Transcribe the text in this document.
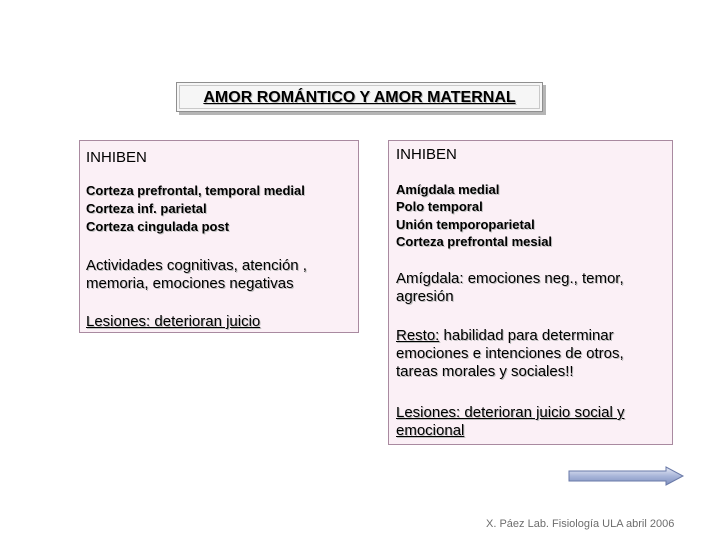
AMOR ROMÁNTICO Y AMOR MATERNAL
INHIBEN
Corteza prefrontal, temporal medial
Corteza inf. parietal
Corteza cingulada post
Actividades cognitivas, atención ,
memoria, emociones negativas
Lesiones: deterioran juicio
INHIBEN
Amígdala medial
Polo temporal
Unión temporoparietal
Corteza prefrontal mesial
Amígdala: emociones neg., temor,
agresión
Resto: habilidad para determinar
emociones e intenciones de otros,
tareas morales y sociales!!
Lesiones: deterioran juicio social y
emocional
X. Páez Lab. Fisiología ULA abril 2006
